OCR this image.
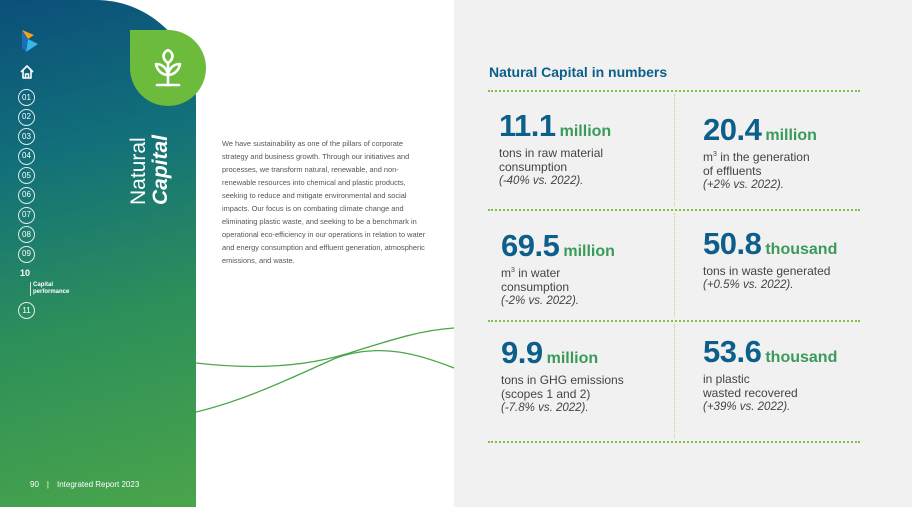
01
02
03
04
05
06
07
08
09
10
Capital performance
11
90 | Integrated Report 2023
Natural Capital	We have sustainability as one of the pillars of corporate strategy and business growth. Through our initiatives and processes, we transform natural, renewable, and non-renewable resources into chemical and plastic products, seeking to reduce and mitigate environmental and social impacts. Our focus is on combating climate change and eliminating plastic waste, and seeking to be a benchmark in operational eco-efficiency in our operations in relation to water and energy consumption and effluent generation, atmospheric emissions, and waste.

Natural Capital in numbers
11.1 million
tons in raw material
consumption
(-40% vs. 2022).
20.4 million
$m^3$ in the generation
of effluents
(+2% vs. 2022).
69.5 million
$m^3$ in water
consumption
(-2% vs. 2022).
50.8 thousand
tons in waste generated
(+0.5% vs. 2022).
9.9 million
tons in GHG emissions
(scopes 1 and 2)
(-7.8% vs. 2022).
53.6 thousand
in plastic
wasted recovered
(+39% vs. 2022).
